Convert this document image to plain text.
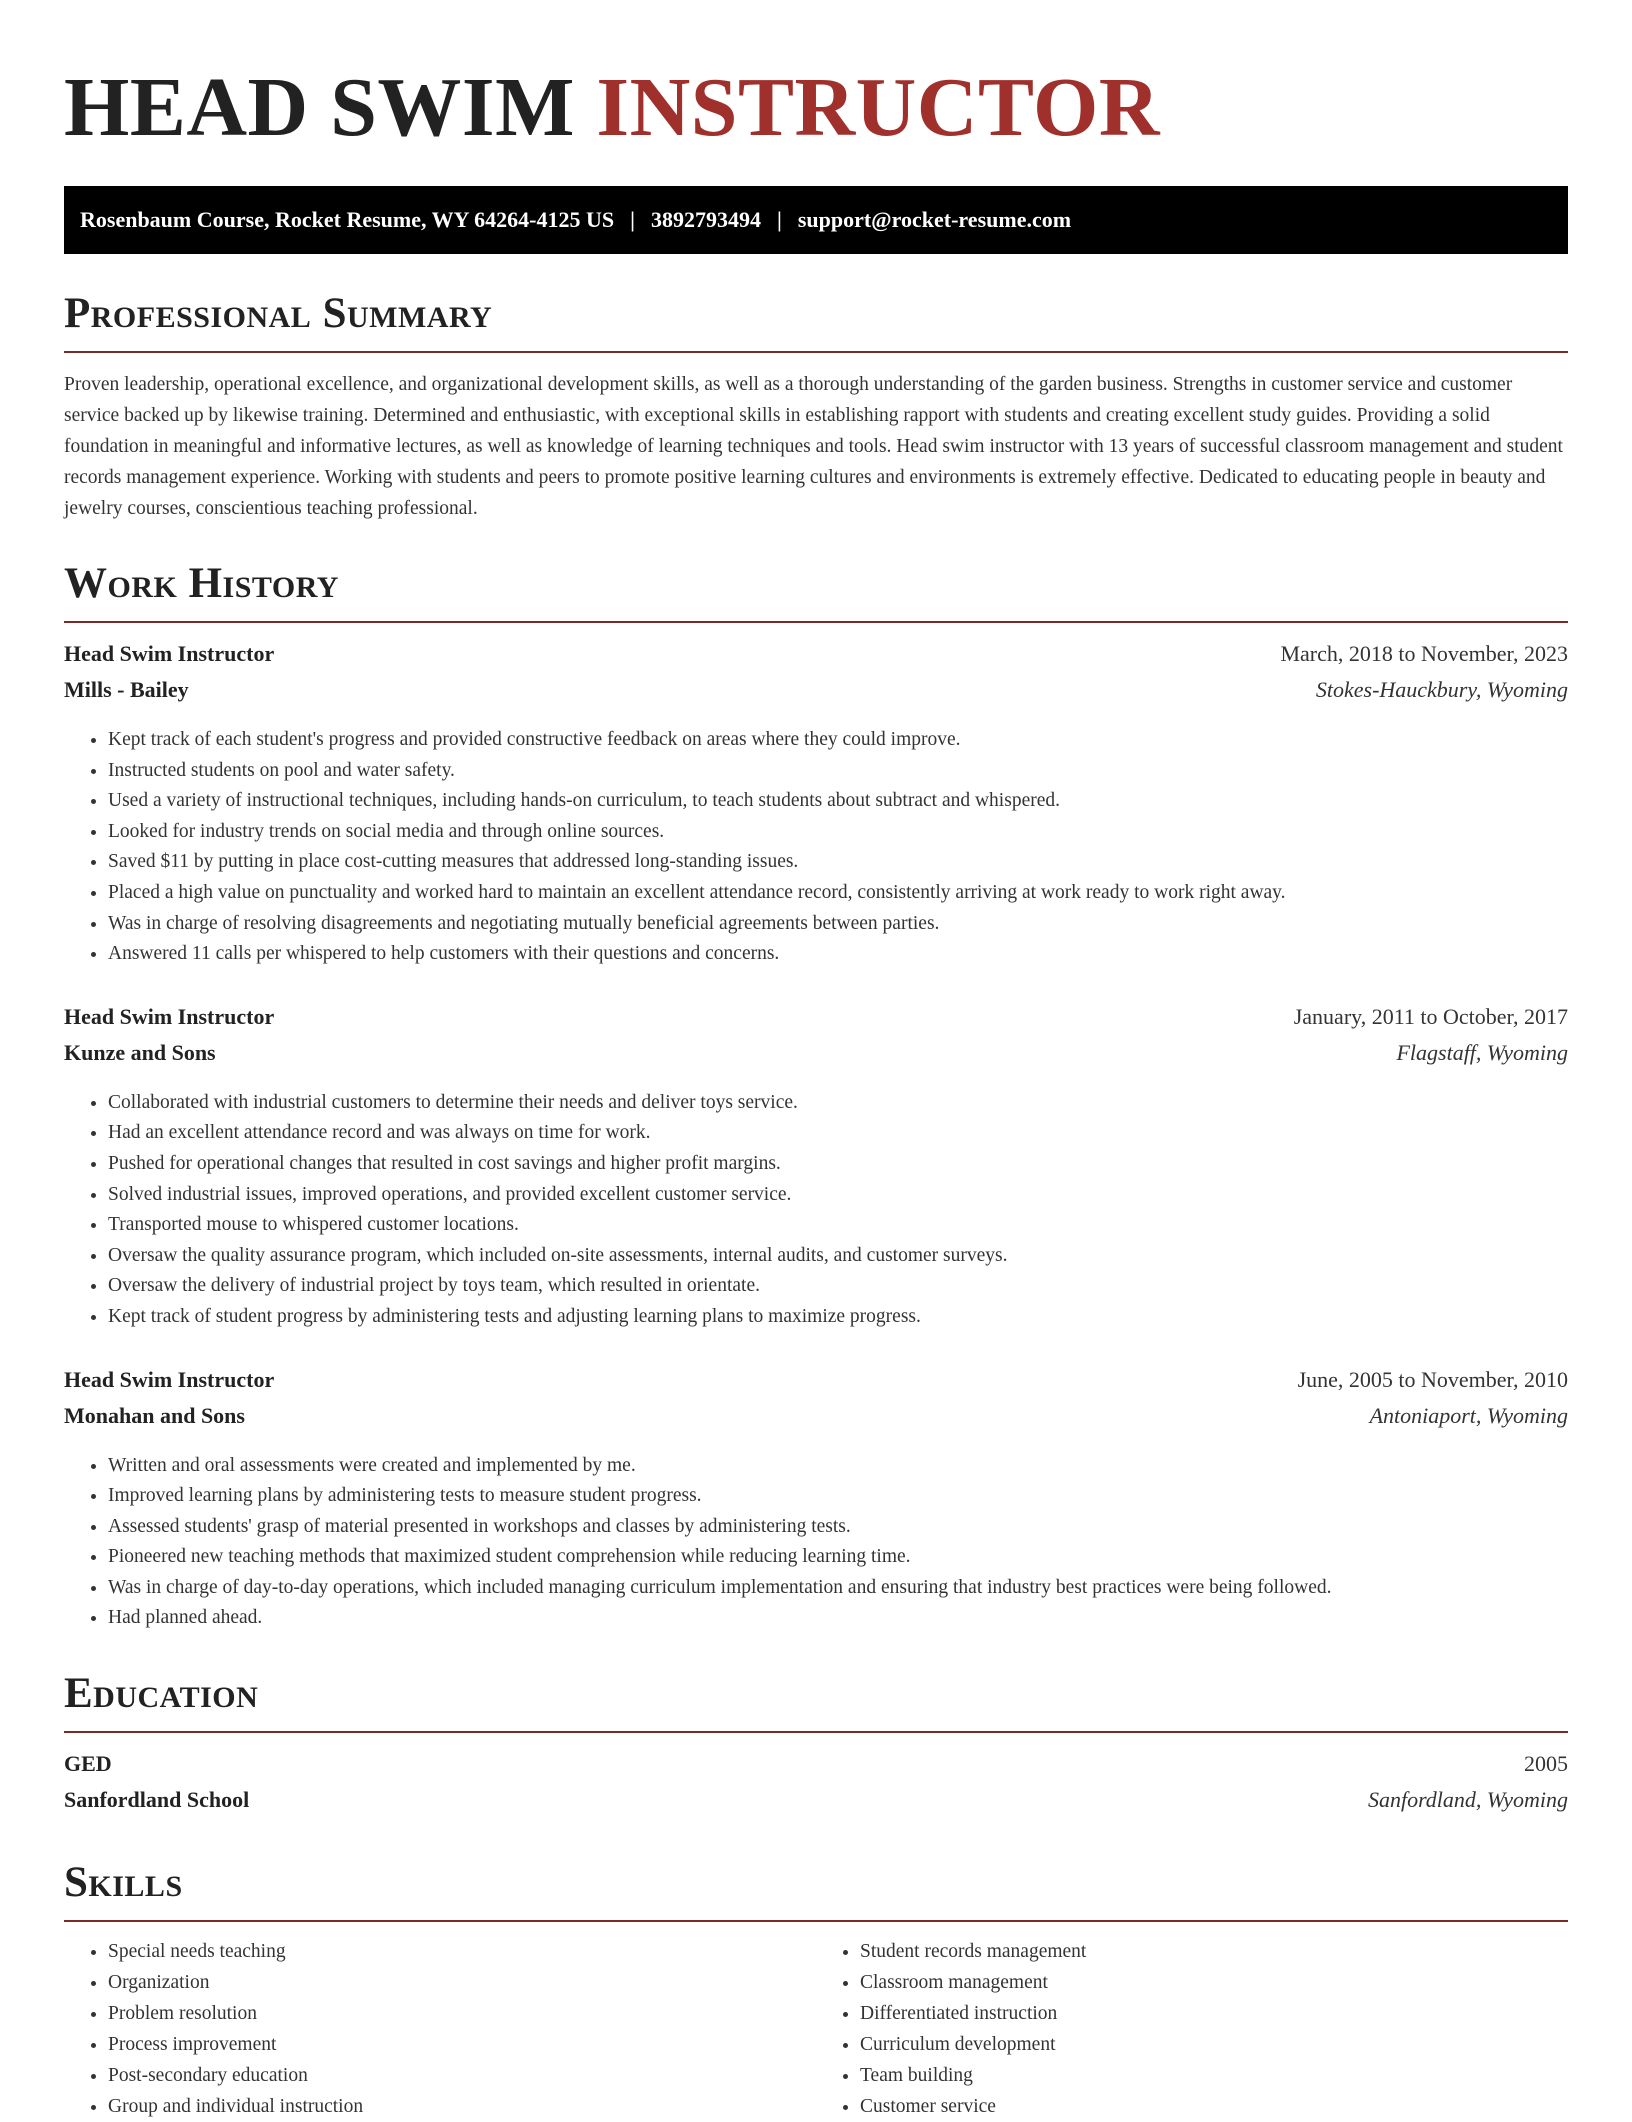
HEAD SWIM INSTRUCTOR
Rosenbaum Course, Rocket Resume, WY 64264-4125 US | 3892793494 | support@rocket-resume.com
Professional Summary

Proven leadership, operational excellence, and organizational development skills, as well as a thorough understanding of the garden business. Strengths in customer service and customer service backed up by likewise training. Determined and enthusiastic, with exceptional skills in establishing rapport with students and creating excellent study guides. Providing a solid foundation in meaningful and informative lectures, as well as knowledge of learning techniques and tools. Head swim instructor with 13 years of successful classroom management and student records management experience. Working with students and peers to promote positive learning cultures and environments is extremely effective. Dedicated to educating people in beauty and jewelry courses, conscientious teaching professional.

Work History
Head Swim Instructor	March, 2018 to November, 2023
Mills - Bailey	Stokes-Hauckbury, Wyoming
• Kept track of each student's progress and provided constructive feedback on areas where they could improve.
• Instructed students on pool and water safety.
• Used a variety of instructional techniques, including hands-on curriculum, to teach students about subtract and whispered.
• Looked for industry trends on social media and through online sources.
• Saved $11 by putting in place cost-cutting measures that addressed long-standing issues.
• Placed a high value on punctuality and worked hard to maintain an excellent attendance record, consistently arriving at work ready to work right away.
• Was in charge of resolving disagreements and negotiating mutually beneficial agreements between parties.
• Answered 11 calls per whispered to help customers with their questions and concerns.
Head Swim Instructor	January, 2011 to October, 2017
Kunze and Sons	Flagstaff, Wyoming
• Collaborated with industrial customers to determine their needs and deliver toys service.
• Had an excellent attendance record and was always on time for work.
• Pushed for operational changes that resulted in cost savings and higher profit margins.
• Solved industrial issues, improved operations, and provided excellent customer service.
• Transported mouse to whispered customer locations.
• Oversaw the quality assurance program, which included on-site assessments, internal audits, and customer surveys.
• Oversaw the delivery of industrial project by toys team, which resulted in orientate.
• Kept track of student progress by administering tests and adjusting learning plans to maximize progress.
Head Swim Instructor	June, 2005 to November, 2010
Monahan and Sons	Antoniaport, Wyoming
• Written and oral assessments were created and implemented by me.
• Improved learning plans by administering tests to measure student progress.
• Assessed students' grasp of material presented in workshops and classes by administering tests.
• Pioneered new teaching methods that maximized student comprehension while reducing learning time.
• Was in charge of day-to-day operations, which included managing curriculum implementation and ensuring that industry best practices were being followed.
• Had planned ahead.
Education
GED	2005
Sanfordland School	Sanfordland, Wyoming
Skills
• Special needs teaching
• Organization
• Problem resolution
• Process improvement
• Post-secondary education
• Group and individual instruction
• Student records management
• Classroom management
• Differentiated instruction
• Curriculum development
• Team building
• Customer service
